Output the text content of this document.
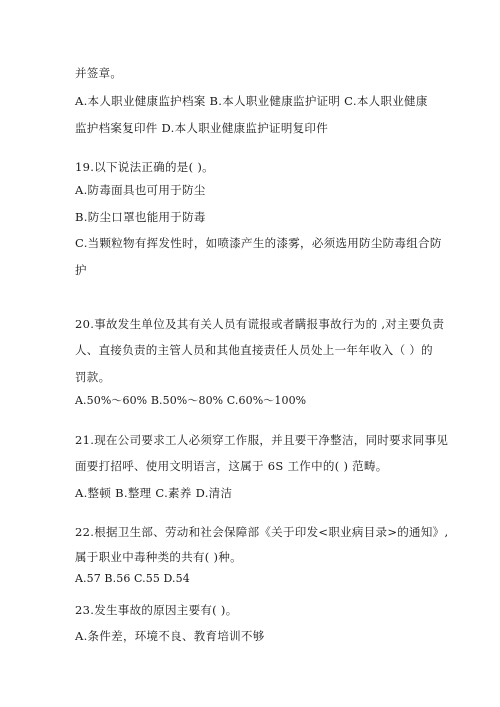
并签章。
A.本人职业健康监护档案 B.本人职业健康监护证明 C.本人职业健康
监护档案复印件 D.本人职业健康监护证明复印件
19.以下说法正确的是( )。
A.防毒面具也可用于防尘
B.防尘口罩也能用于防毒
C.当颗粒物有挥发性时，如喷漆产生的漆雾，必须选用防尘防毒组合防
护
20.事故发生单位及其有关人员有谎报或者瞒报事故行为的 ,对主要负责
人、直接负责的主管人员和其他直接责任人员处上一年年收入（ ）的
罚款。
A.50%～60% B.50%～80% C.60%～100%
21.现在公司要求工人必须穿工作服，并且要干净整洁，同时要求同事见
面要打招呼、使用文明语言，这属于 6S 工作中的( ) 范畴。
A.整顿 B.整理 C.素养 D.清洁
22.根据卫生部、劳动和社会保障部《关于印发<职业病目录>的通知》,
属于职业中毒种类的共有( )种。
A.57 B.56 C.55 D.54
23.发生事故的原因主要有( )。
A.条件差，环境不良、教育培训不够
